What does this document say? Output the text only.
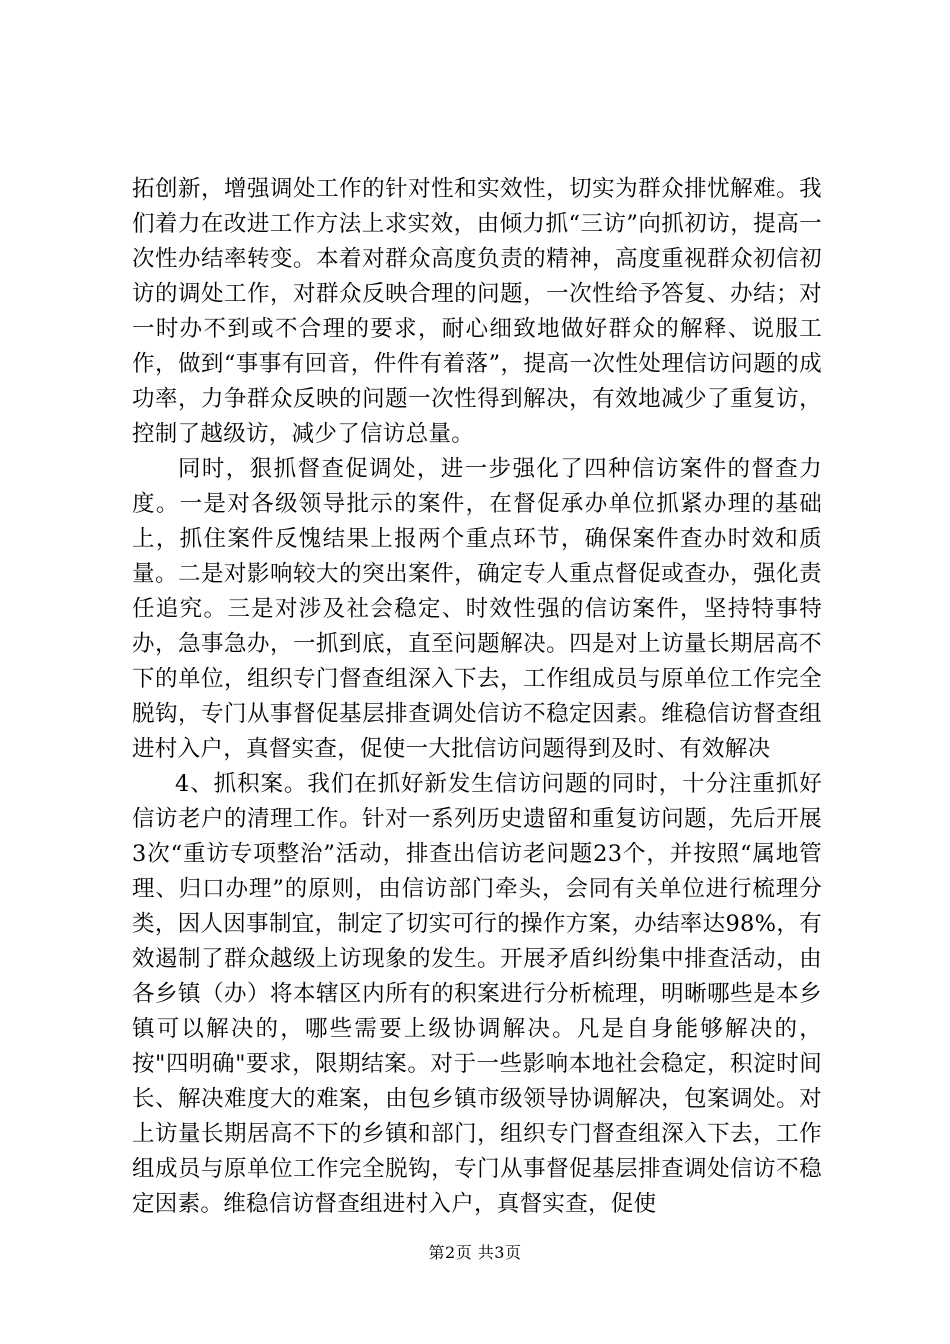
拓创新，增强调处工作的针对性和实效性，切实为群众排忧解难。我们着力在改进工作方法上求实效，由倾力抓“三访”向抓初访，提高一次性办结率转变。本着对群众高度负责的精神，高度重视群众初信初访的调处工作，对群众反映合理的问题，一次性给予答复、办结；对一时办不到或不合理的要求，耐心细致地做好群众的解释、说服工作，做到“事事有回音，件件有着落”，提高一次性处理信访问题的成功率，力争群众反映的问题一次性得到解决，有效地减少了重复访，控制了越级访，减少了信访总量。

同时，狠抓督查促调处，进一步强化了四种信访案件的督查力度。一是对各级领导批示的案件，在督促承办单位抓紧办理的基础上，抓住案件反愧结果上报两个重点环节，确保案件查办时效和质量。二是对影响较大的突出案件，确定专人重点督促或查办，强化责任追究。三是对涉及社会稳定、时效性强的信访案件，坚持特事特办，急事急办，一抓到底，直至问题解决。四是对上访量长期居高不下的单位，组织专门督查组深入下去，工作组成员与原单位工作完全脱钩，专门从事督促基层排查调处信访不稳定因素。维稳信访督查组进村入户，真督实查，促使一大批信访问题得到及时、有效解决

4、抓积案。我们在抓好新发生信访问题的同时，十分注重抓好信访老户的清理工作。针对一系列历史遗留和重复访问题，先后开展3次“重访专项整治”活动，排查出信访老问题23个，并按照“属地管理、归口办理”的原则，由信访部门牵头，会同有关单位进行梳理分类，因人因事制宜，制定了切实可行的操作方案，办结率达98%，有效遏制了群众越级上访现象的发生。开展矛盾纠纷集中排查活动，由各乡镇（办）将本辖区内所有的积案进行分析梳理，明晰哪些是本乡镇可以解决的，哪些需要上级协调解决。凡是自身能够解决的，按"四明确"要求，限期结案。对于一些影响本地社会稳定，积淀时间长、解决难度大的难案，由包乡镇市级领导协调解决，包案调处。对上访量长期居高不下的乡镇和部门，组织专门督查组深入下去，工作组成员与原单位工作完全脱钩，专门从事督促基层排查调处信访不稳定因素。维稳信访督查组进村入户，真督实查，促使

第2页 共3页
